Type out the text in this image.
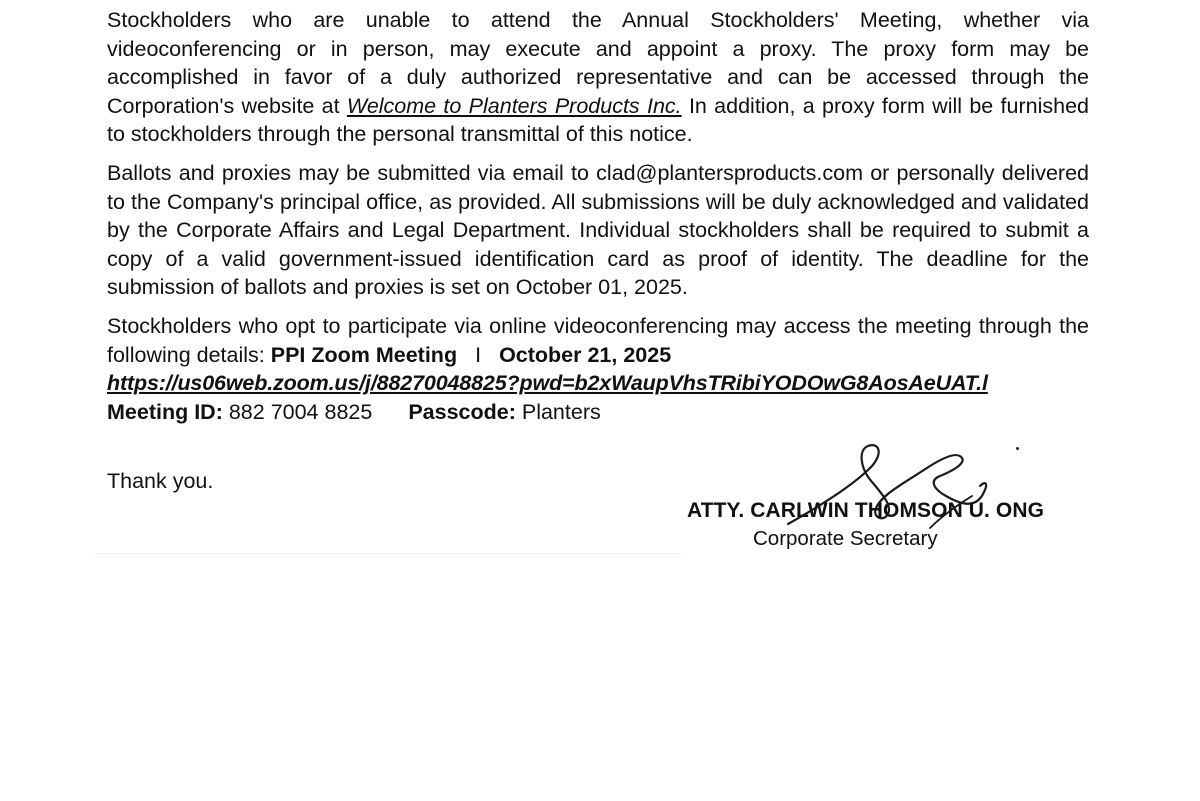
Stockholders who are unable to attend the Annual Stockholders' Meeting, whether via videoconferencing or in person, may execute and appoint a proxy. The proxy form may be accomplished in favor of a duly authorized representative and can be accessed through the Corporation's website at Welcome to Planters Products Inc. In addition, a proxy form will be furnished to stockholders through the personal transmittal of this notice.

Ballots and proxies may be submitted via email to clad@plantersproducts.com or personally delivered to the Company's principal office, as provided. All submissions will be duly acknowledged and validated by the Corporate Affairs and Legal Department. Individual stockholders shall be required to submit a copy of a valid government-issued identification card as proof of identity. The deadline for the submission of ballots and proxies is set on October 01, 2025.

Stockholders who opt to participate via online videoconferencing may access the meeting through the following details: PPI Zoom Meeting I October 21, 2025
https://us06web.zoom.us/j/88270048825?pwd=b2xWaupVhsTRibiYODOwG8AosAeUAT.l

Meeting ID: 882 7004 8825 Passcode: Planters
Thank you.
ATTY. CARLWIN THOMSON U. ONG
Corporate Secretary
